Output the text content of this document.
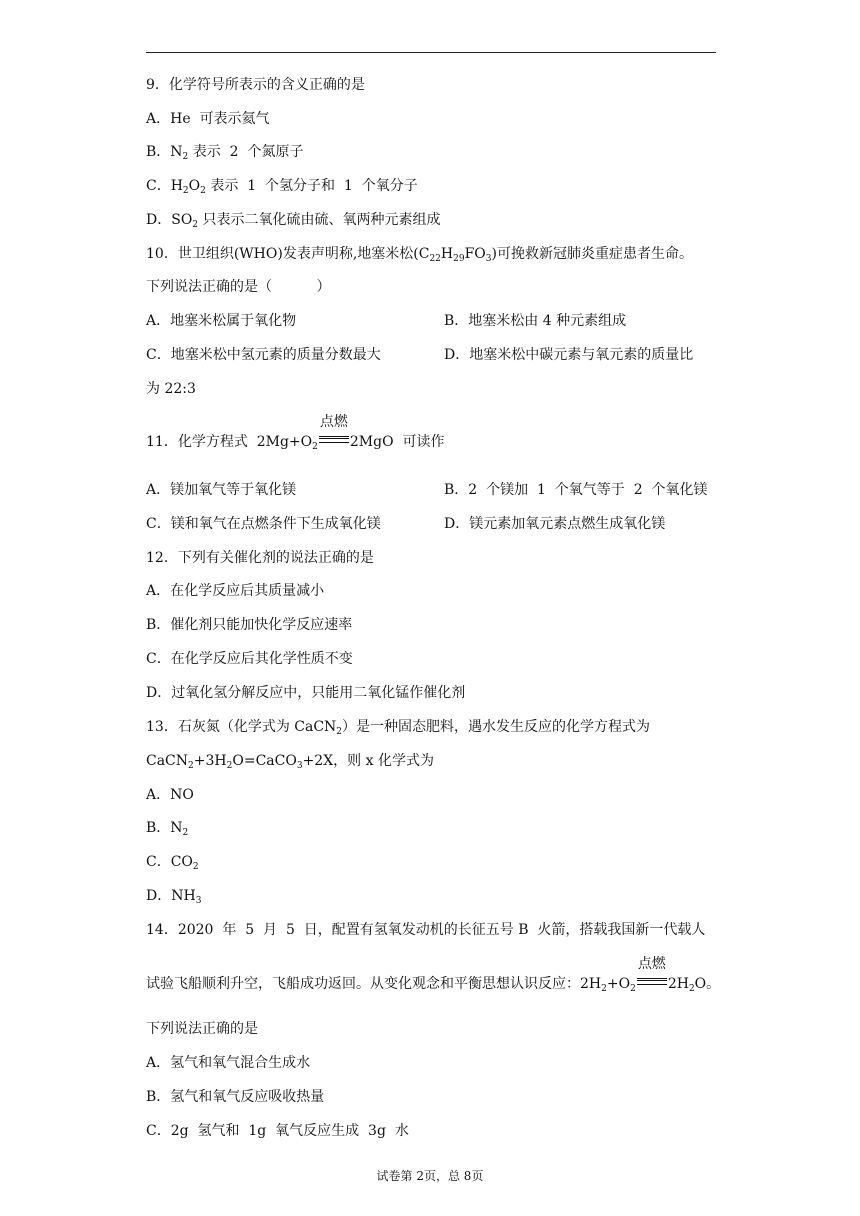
9．化学符号所表示的含义正确的是
A．He  可表示氦气
B．$N_2$ 表示  2  个氮原子
C．$H_2O_2$ 表示  1  个氢分子和  1  个氧分子
D．$SO_2$ 只表示二氧化硫由硫、氧两种元素组成
10．世卫组织(WHO)发表声明称,地塞米松$(C_{22}H_{29}FO_3)$可挽救新冠肺炎重症患者生命。
下列说法正确的是（          ）
A．地塞米松属于氧化物	B．地塞米松由 4 种元素组成
C．地塞米松中氢元素的质量分数最大	D．地塞米松中碳元素与氧元素的质量比
为 22:3
11．化学方程式  $2Mg+O_2$
点燃
2MgO  可读作
A．镁加氧气等于氧化镁	B．2  个镁加  1  个氧气等于  2  个氧化镁
C．镁和氧气在点燃条件下生成氧化镁	D．镁元素加氧元素点燃生成氧化镁
12．下列有关催化剂的说法正确的是
A．在化学反应后其质量减小
B．催化剂只能加快化学反应速率
C．在化学反应后其化学性质不变
D．过氧化氢分解反应中，只能用二氧化锰作催化剂
13．石灰氮（化学式为 CaCN$_2$）是一种固态肥料，遇水发生反应的化学方程式为
$CaCN_2+3H_2O=CaCO_3+2X$，则 x 化学式为
A．NO
B．$N_2$
C．$CO_2$
D．$NH_3$
14．2020  年  5  月  5  日，配置有氢氧发动机的长征五号 B  火箭，搭载我国新一代载人
试验飞船顺利升空，飞船成功返回。从变化观念和平衡思想认识反应：$2H_2+O_2$
点燃
$2H_2O$。
下列说法正确的是
A．氢气和氧气混合生成水
B．氢气和氧气反应吸收热量
C．2g  氢气和  1g  氧气反应生成  3g  水
试卷第 2页，总 8页
